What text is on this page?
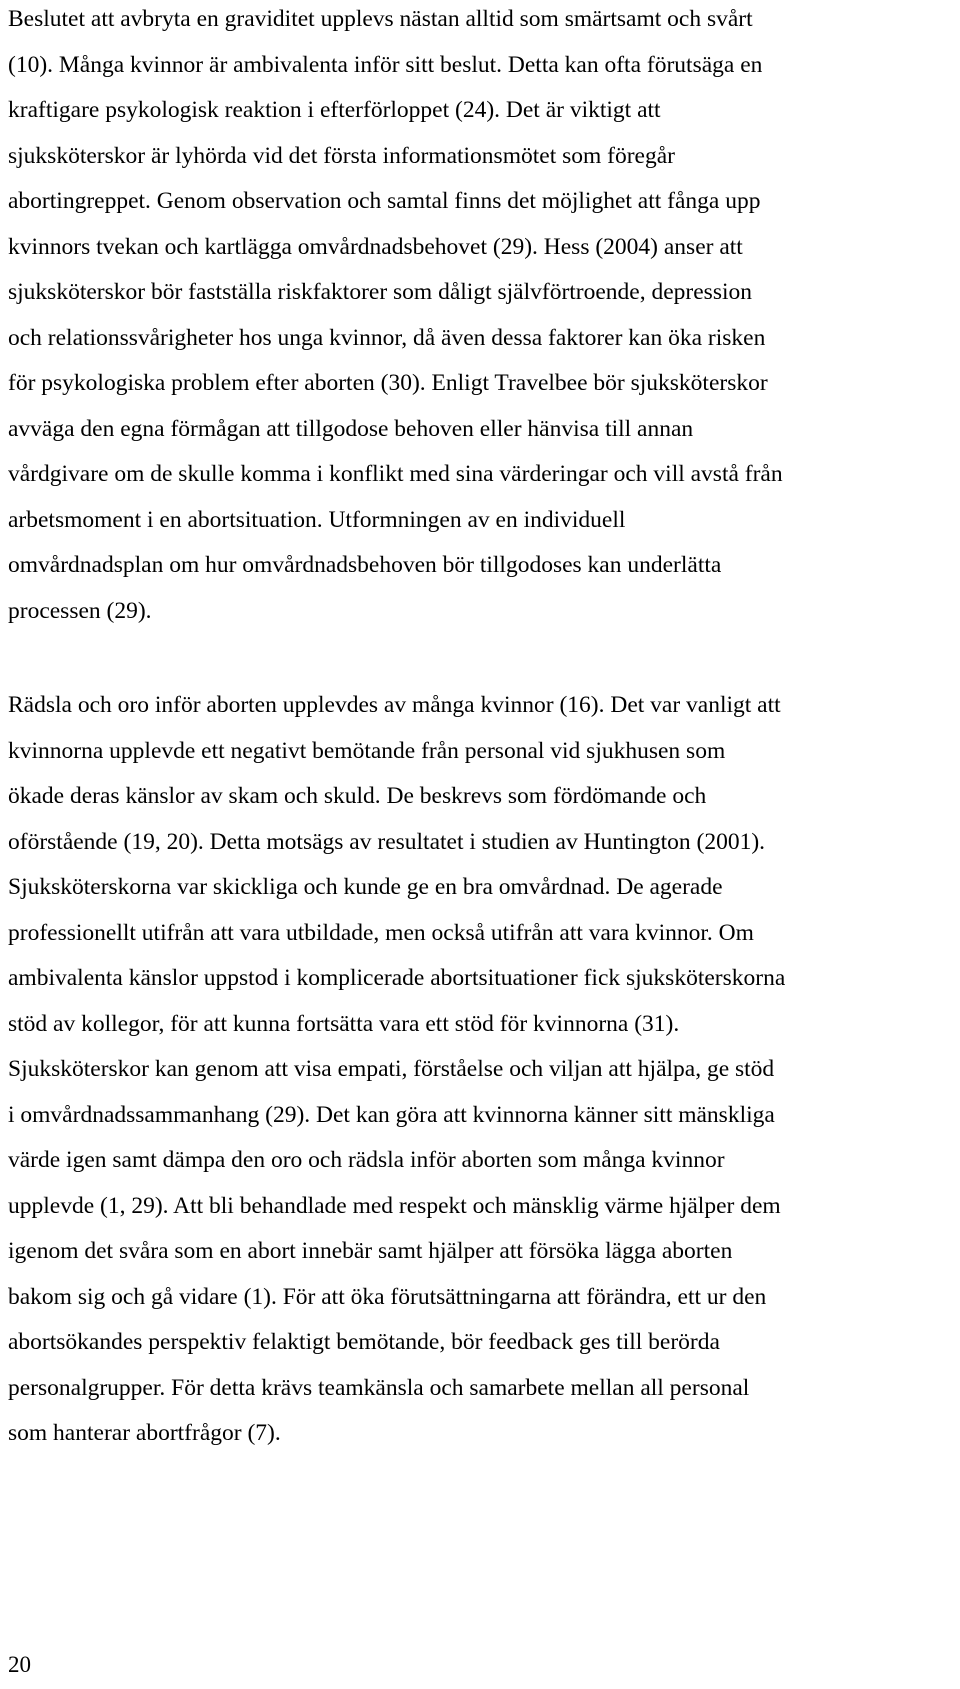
Beslutet att avbryta en graviditet upplevs nästan alltid som smärtsamt och svårt
(10). Många kvinnor är ambivalenta inför sitt beslut. Detta kan ofta förutsäga en
kraftigare psykologisk reaktion i efterförloppet (24). Det är viktigt att
sjuksköterskor är lyhörda vid det första informationsmötet som föregår
abortingreppet. Genom observation och samtal finns det möjlighet att fånga upp
kvinnors tvekan och kartlägga omvårdnadsbehovet (29). Hess (2004) anser att
sjuksköterskor bör fastställa riskfaktorer som dåligt självförtroende, depression
och relationssvårigheter hos unga kvinnor, då även dessa faktorer kan öka risken
för psykologiska problem efter aborten (30). Enligt Travelbee bör sjuksköterskor
avväga den egna förmågan att tillgodose behoven eller hänvisa till annan
vårdgivare om de skulle komma i konflikt med sina värderingar och vill avstå från
arbetsmoment i en abortsituation. Utformningen av en individuell
omvårdnadsplan om hur omvårdnadsbehoven bör tillgodoses kan underlätta
processen (29).
Rädsla och oro inför aborten upplevdes av många kvinnor (16). Det var vanligt att
kvinnorna upplevde ett negativt bemötande från personal vid sjukhusen som
ökade deras känslor av skam och skuld. De beskrevs som fördömande och
oförstående (19, 20). Detta motsägs av resultatet i studien av Huntington (2001).
Sjuksköterskorna var skickliga och kunde ge en bra omvårdnad. De agerade
professionellt utifrån att vara utbildade, men också utifrån att vara kvinnor. Om
ambivalenta känslor uppstod i komplicerade abortsituationer fick sjuksköterskorna
stöd av kollegor, för att kunna fortsätta vara ett stöd för kvinnorna (31).
Sjuksköterskor kan genom att visa empati, förståelse och viljan att hjälpa, ge stöd
i omvårdnadssammanhang (29). Det kan göra att kvinnorna känner sitt mänskliga
värde igen samt dämpa den oro och rädsla inför aborten som många kvinnor
upplevde (1, 29). Att bli behandlade med respekt och mänsklig värme hjälper dem
igenom det svåra som en abort innebär samt hjälper att försöka lägga aborten
bakom sig och gå vidare (1). För att öka förutsättningarna att förändra, ett ur den
abortsökandes perspektiv felaktigt bemötande, bör feedback ges till berörda
personalgrupper. För detta krävs teamkänsla och samarbete mellan all personal
som hanterar abortfrågor (7).
20
